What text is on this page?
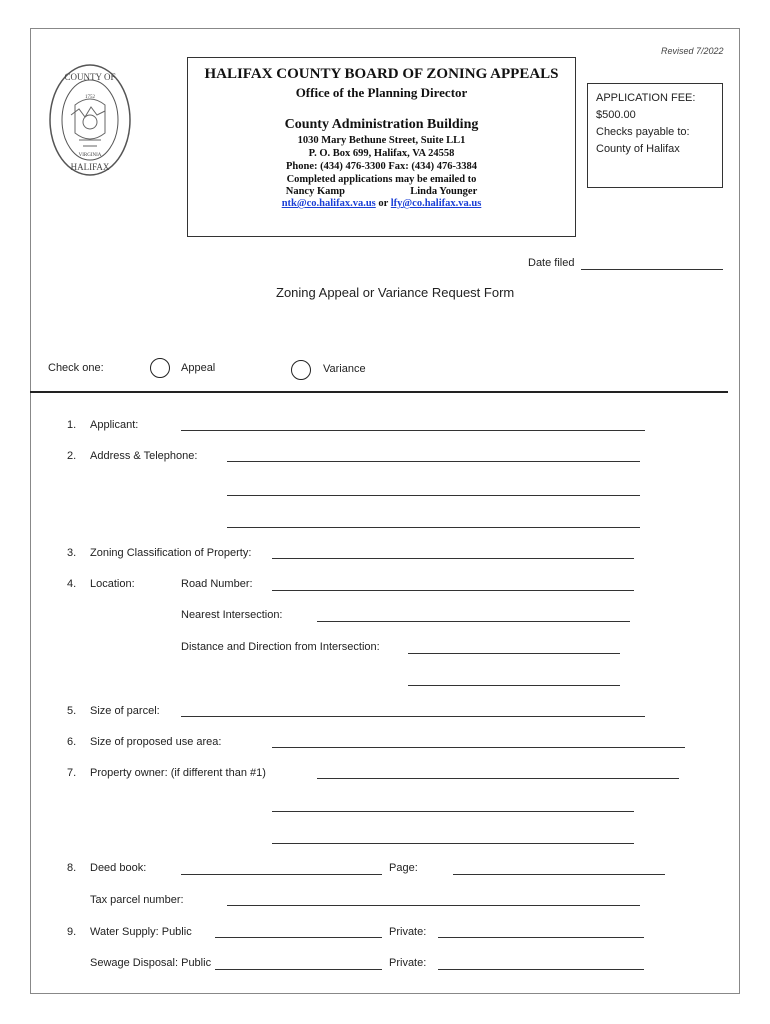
COUNTY OF
1752
VIRGINIA
HALIFAX
HALIFAX COUNTY BOARD OF ZONING APPEALS
Office of the Planning Director
County Administration Building
1030 Mary Bethune Street, Suite LL1
P. O. Box 699, Halifax, VA 24558
Phone: (434) 476-3300 Fax: (434) 476-3384
Completed applications may be emailed to
Nancy Kamp	Linda Younger
ntk@co.halifax.va.us or lfy@co.halifax.va.us
Revised 7/2022
APPLICATION FEE:
$500.00
Checks payable to:
County of Halifax
Date filed
Zoning Appeal or Variance Request Form
Check one:	Appeal	Variance
1. Applicant:
2. Address & Telephone:
3. Zoning Classification of Property:
4. Location:	Road Number:
Nearest Intersection:
Distance and Direction from Intersection:
5. Size of parcel:
6. Size of proposed use area:
7. Property owner: (if different than #1)
8. Deed book:	Page:
Tax parcel number:
9. Water Supply: Public	Private:
Sewage Disposal: Public	Private:
